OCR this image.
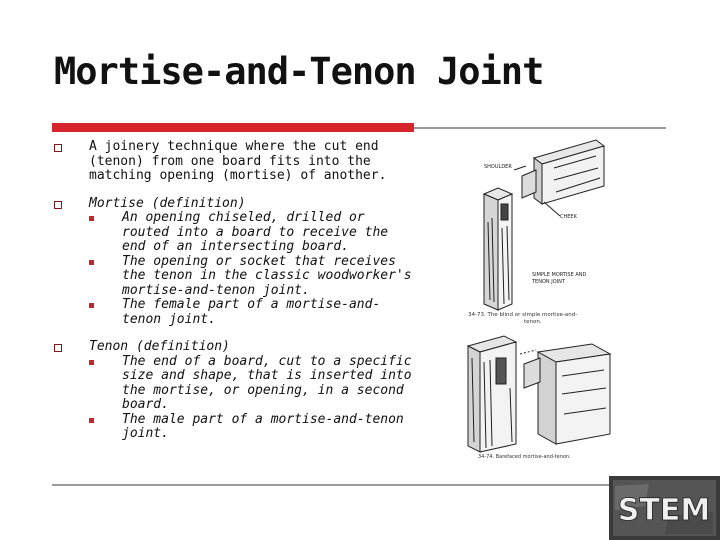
Mortise-and-Tenon Joint
A joinery technique where the cut end (tenon) from one board fits into the matching opening (mortise) of another.
Mortise (definition)
An opening chiseled, drilled or routed into a board to receive the end of an intersecting board.
The opening or socket that receives the tenon in the classic woodworker's mortise-and-tenon joint.
The female part of a mortise-and-tenon joint.
Tenon (definition)
The end of a board, cut to a specific size and shape, that is inserted into the mortise, or opening, in a second board.
The male part of a mortise-and-tenon joint.
SHOULDER
CHEEK
SIMPLE MORTISE AND
TENON JOINT
34-73. The blind or simple mortise-and-
tenon.
34-74. Barefaced mortise-and-tenon.
STEM
